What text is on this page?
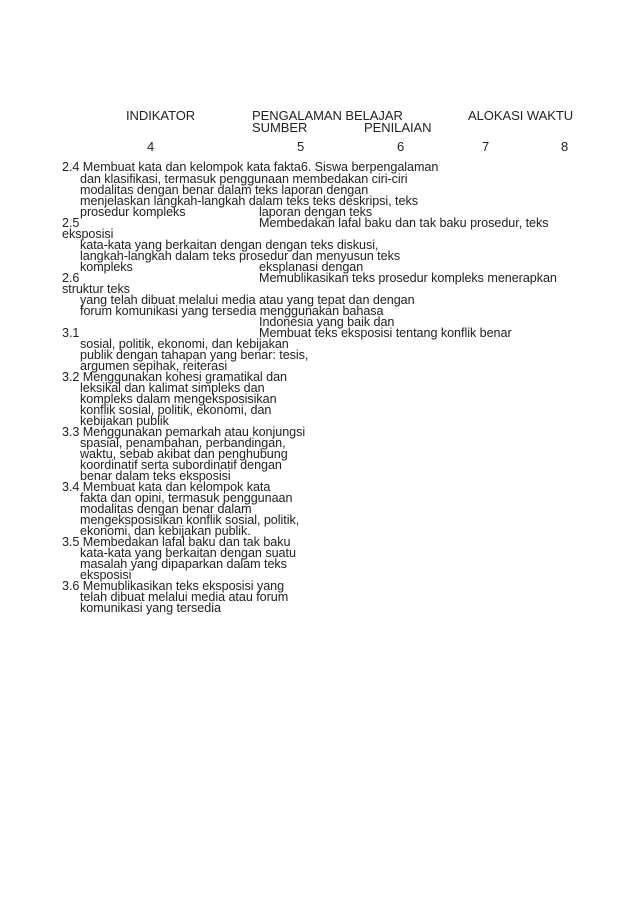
INDIKATOR	PENGALAMAN BELAJAR	ALOKASI WAKTU
SUMBER	PENILAIAN
4	5	6	7	8
2.4 Membuat kata dan kelompok kata fakta6. Siswa berpengalaman
dan klasifikasi, termasuk penggunaan membedakan ciri-ciri
modalitas dengan benar dalam teks laporan dengan
menjelaskan langkah-langkah dalam teks teks deskripsi, teks
prosedur kompleks	laporan dengan teks
2.5	Membedakan lafal baku dan tak baku prosedur, teks
eksposisi
kata-kata yang berkaitan dengan dengan teks diskusi,
langkah-langkah dalam teks prosedur dan menyusun teks
kompleks	eksplanasi dengan
2.6	Memublikasikan teks prosedur kompleks menerapkan
struktur teks
yang telah dibuat melalui media atau yang tepat dan dengan
forum komunikasi yang tersedia menggunakan bahasa
Indonesia yang baik dan
3.1	Membuat teks eksposisi tentang konflik benar
sosial, politik, ekonomi, dan kebijakan
publik dengan tahapan yang benar: tesis,
argumen sepihak, reiterasi
3.2 Menggunakan kohesi gramatikal dan
leksikal dan kalimat simpleks dan
kompleks dalam mengeksposisikan
konflik sosial, politik, ekonomi, dan
kebijakan publik
3.3 Menggunakan pemarkah atau konjungsi
spasial, penambahan, perbandingan,
waktu, sebab akibat dan penghubung
koordinatif serta subordinatif dengan
benar dalam teks eksposisi
3.4 Membuat kata dan kelompok kata
fakta dan opini, termasuk penggunaan
modalitas dengan benar dalam
mengeksposisikan konflik sosial, politik,
ekonomi, dan kebijakan publik.
3.5 Membedakan lafal baku dan tak baku
kata-kata yang berkaitan dengan suatu
masalah yang dipaparkan dalam teks
eksposisi
3.6 Memublikasikan teks eksposisi yang
telah dibuat melalui media atau forum
komunikasi yang tersedia
